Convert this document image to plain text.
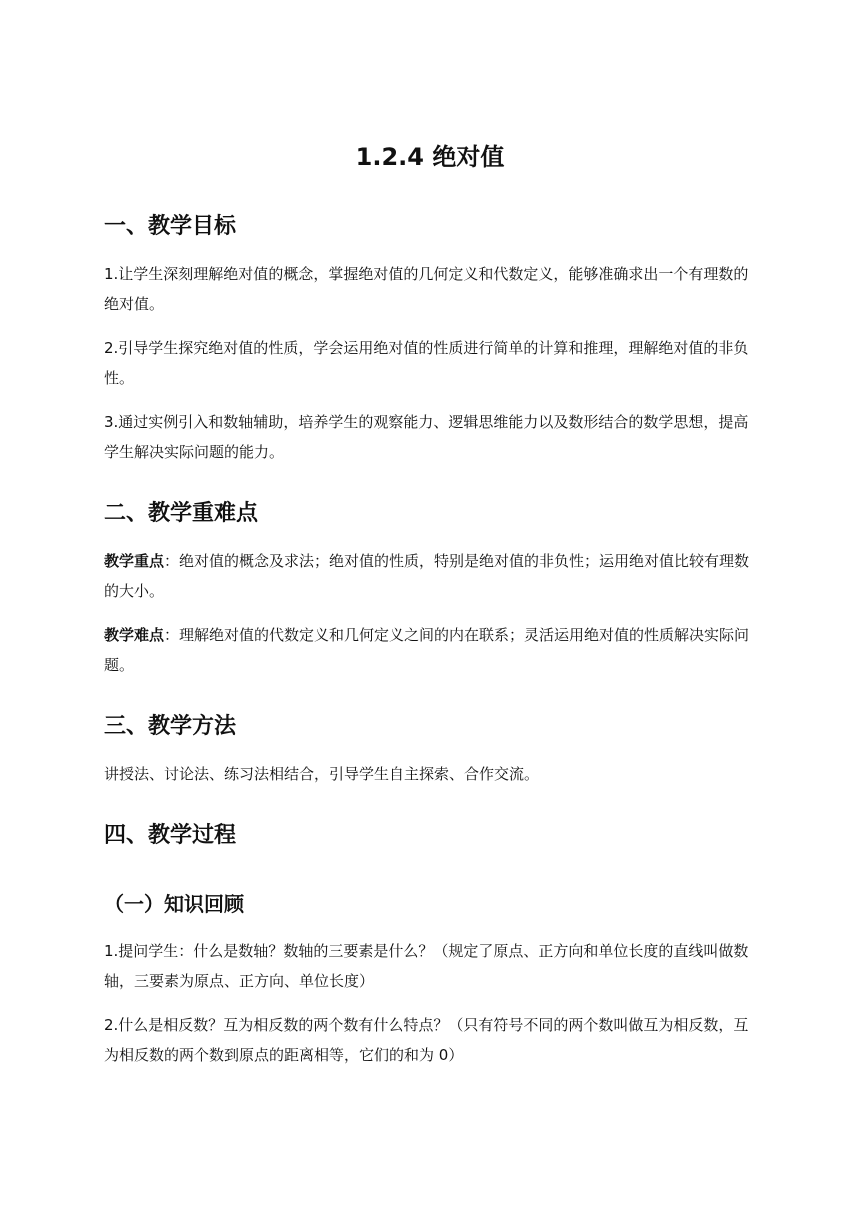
1.2.4 绝对值
一、教学目标

1.让学生深刻理解绝对值的概念，掌握绝对值的几何定义和代数定义，能够准确求出一个有理数的绝对值。

2.引导学生探究绝对值的性质，学会运用绝对值的性质进行简单的计算和推理，理解绝对值的非负性。

3.通过实例引入和数轴辅助，培养学生的观察能力、逻辑思维能力以及数形结合的数学思想，提高学生解决实际问题的能力。

二、教学重难点

教学重点：绝对值的概念及求法；绝对值的性质，特别是绝对值的非负性；运用绝对值比较有理数的大小。

教学难点：理解绝对值的代数定义和几何定义之间的内在联系；灵活运用绝对值的性质解决实际问题。

三、教学方法

讲授法、讨论法、练习法相结合，引导学生自主探索、合作交流。

四、教学过程
（一）知识回顾

1.提问学生：什么是数轴？数轴的三要素是什么？（规定了原点、正方向和单位长度的直线叫做数轴，三要素为原点、正方向、单位长度）

2.什么是相反数？互为相反数的两个数有什么特点？（只有符号不同的两个数叫做互为相反数，互为相反数的两个数到原点的距离相等，它们的和为 0）
